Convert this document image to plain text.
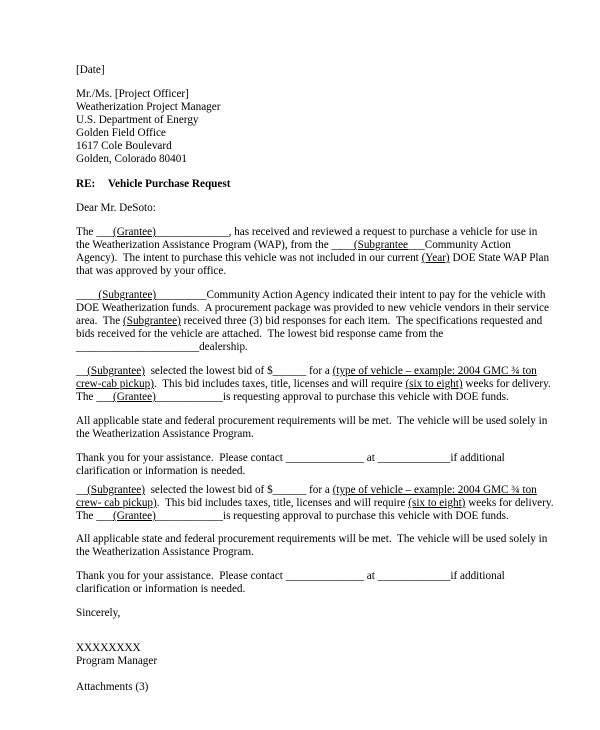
[Date]
Mr./Ms. [Project Officer]
Weatherization Project Manager
U.S. Department of Energy
Golden Field Office
1617 Cole Boulevard
Golden, Colorado 80401
RE: Vehicle Purchase Request
Dear Mr. DeSoto:
The ___(Grantee)_____________, has received and reviewed a request to purchase a vehicle for use in
the Weatherization Assistance Program (WAP), from the ____(Subgrantee___Community Action
Agency).  The intent to purchase this vehicle was not included in our current (Year) DOE State WAP Plan
that was approved by your office.
____(Subgrantee)_________Community Action Agency indicated their intent to pay for the vehicle with
DOE Weatherization funds.  A procurement package was provided to new vehicle vendors in their service
area.  The (Subgrantee) received three (3) bid responses for each item.  The specifications requested and
bids received for the vehicle are attached.  The lowest bid response came from the
______________________dealership.
__(Subgrantee)  selected the lowest bid of $______ for a (type of vehicle – example: 2004 GMC ¾ ton
crew-cab pickup).  This bid includes taxes, title, licenses and will require (six to eight) weeks for delivery.
The ___(Grantee)____________is requesting approval to purchase this vehicle with DOE funds.
All applicable state and federal procurement requirements will be met.  The vehicle will be used solely in
the Weatherization Assistance Program.
Thank you for your assistance.  Please contact ______________ at _____________if additional
clarification or information is needed.
__(Subgrantee)  selected the lowest bid of $______ for a (type of vehicle – example: 2004 GMC ¾ ton
crew- cab pickup).  This bid includes taxes, title, licenses and will require (six to eight) weeks for delivery.
The ___(Grantee)____________is requesting approval to purchase this vehicle with DOE funds.
All applicable state and federal procurement requirements will be met.  The vehicle will be used solely in
the Weatherization Assistance Program.
Thank you for your assistance.  Please contact ______________ at _____________if additional
clarification or information is needed.
Sincerely,
XXXXXXXX
Program Manager
Attachments (3)
